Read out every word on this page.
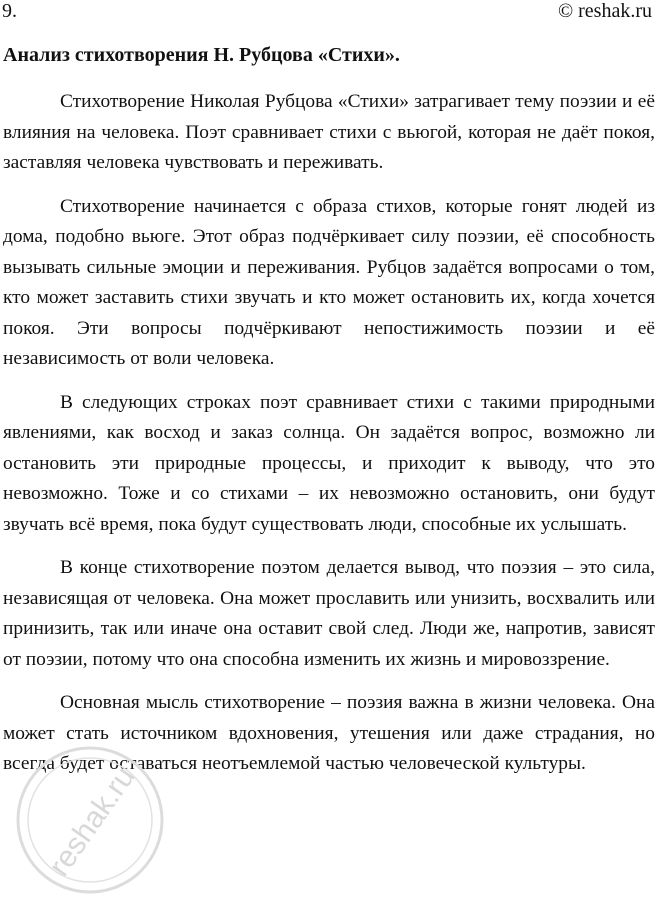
9.	© reshak.ru
Анализ стихотворения Н. Рубцова «Стихи».

Стихотворение Николая Рубцова «Стихи» затрагивает тему поэзии и её влияния на человека. Поэт сравнивает стихи с вьюгой, которая не даёт покоя, заставляя человека чувствовать и переживать.

Стихотворение начинается с образа стихов, которые гонят людей из дома, подобно вьюге. Этот образ подчёркивает силу поэзии, её способность вызывать сильные эмоции и переживания. Рубцов задаётся вопросами о том, кто может заставить стихи звучать и кто может остановить их, когда хочется покоя. Эти вопросы подчёркивают непостижимость поэзии и её независимость от воли человека.

В следующих строках поэт сравнивает стихи с такими природными явлениями, как восход и заказ солнца. Он задаётся вопрос, возможно ли остановить эти природные процессы, и приходит к выводу, что это невозможно. Тоже и со стихами – их невозможно остановить, они будут звучать всё время, пока будут существовать люди, способные их услышать.

В конце стихотворение поэтом делается вывод, что поэзия – это сила, независящая от человека. Она может прославить или унизить, восхвалить или принизить, так или иначе она оставит свой след. Люди же, напротив, зависят от поэзии, потому что она способна изменить их жизнь и мировоззрение.

Основная мысль стихотворение – поэзия важна в жизни человека. Она может стать источником вдохновения, утешения или даже страдания, но всегда будет оставаться неотъемлемой частью человеческой культуры.

reshak.ru
